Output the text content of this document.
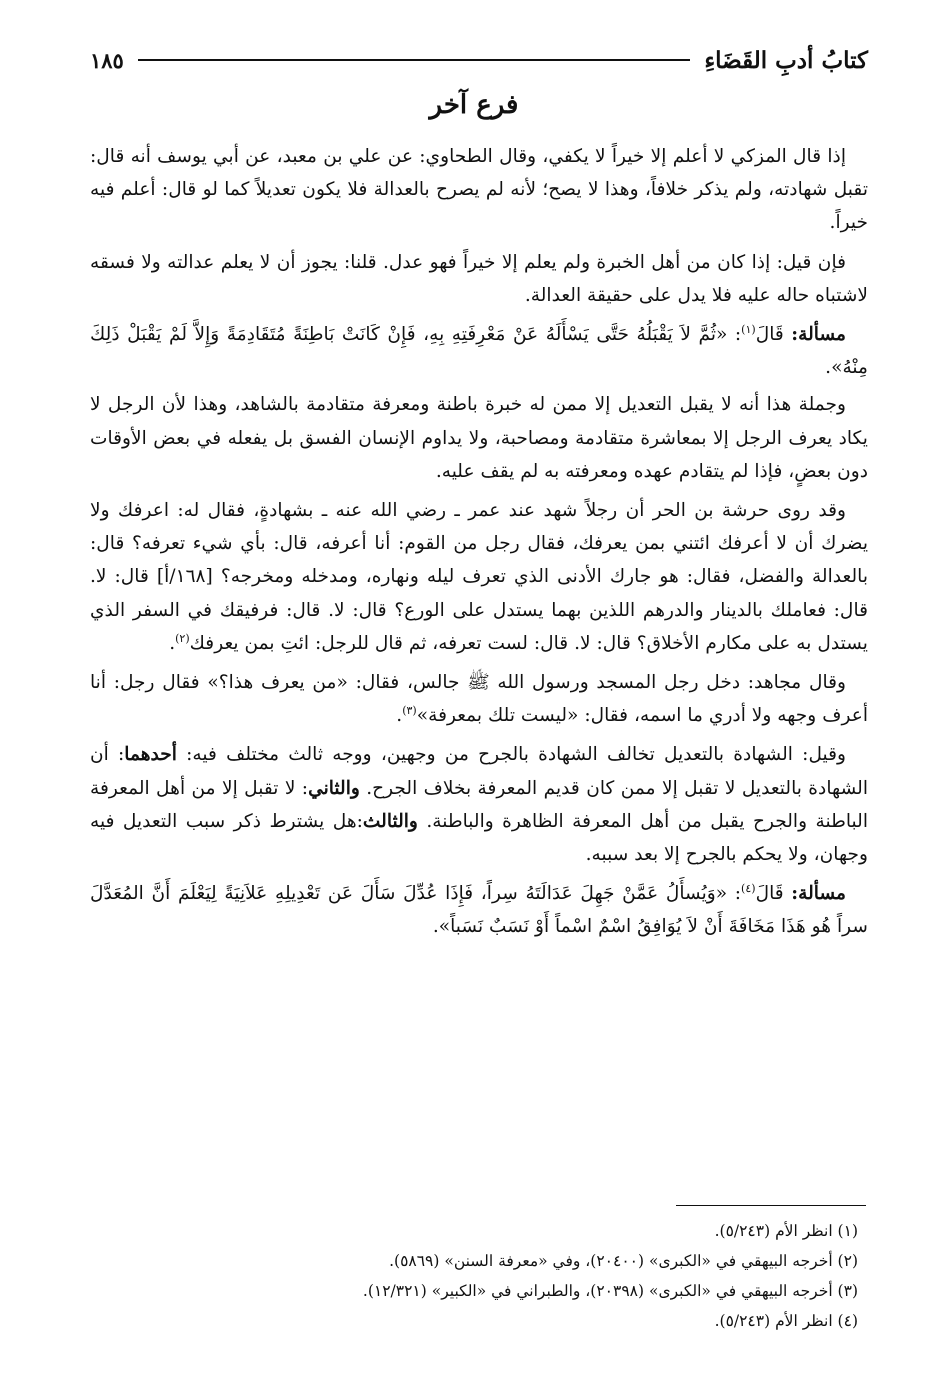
كتابُ أدبِ القَضَاءِ
١٨٥
فرع آخر

إذا قال المزكي لا أعلم إلا خيراً لا يكفي، وقال الطحاوي: عن علي بن معبد، عن أبي يوسف أنه قال: تقبل شهادته، ولم يذكر خلافاً، وهذا لا يصح؛ لأنه لم يصرح بالعدالة فلا يكون تعديلاً كما لو قال: أعلم فيه خيراً.

فإن قيل: إذا كان من أهل الخبرة ولم يعلم إلا خيراً فهو عدل. قلنا: يجوز أن لا يعلم عدالته ولا فسقه لاشتباه حاله عليه فلا يدل على حقيقة العدالة.

مسألة: قَالَ$^{(١)}$: «ثُمَّ لاَ يَقْبَلُهُ حَتَّى يَسْأَلَهُ عَنْ مَعْرِفَتِهِ بِهِ، فَإِنْ كَانَتْ بَاطِنَةً مُتَقَادِمَةً وَإِلاَّ لَمْ يَقْبَلْ ذَلِكَ مِنْهُ».

وجملة هذا أنه لا يقبل التعديل إلا ممن له خبرة باطنة ومعرفة متقادمة بالشاهد، وهذا لأن الرجل لا يكاد يعرف الرجل إلا بمعاشرة متقادمة ومصاحبة، ولا يداوم الإنسان الفسق بل يفعله في بعض الأوقات دون بعضٍ، فإذا لم يتقادم عهده ومعرفته به لم يقف عليه.

وقد روى حرشة بن الحر أن رجلاً شهد عند عمر ـ رضي الله عنه ـ بشهادةٍ، فقال له: اعرفك ولا يضرك أن لا أعرفك ائتني بمن يعرفك، فقال رجل من القوم: أنا أعرفه، قال: بأي شيء تعرفه؟ قال: بالعدالة والفضل، فقال: هو جارك الأدنى الذي تعرف ليله ونهاره، ومدخله ومخرجه؟ [١٦٨/أ] قال: لا. قال: فعاملك بالدينار والدرهم اللذين بهما يستدل على الورع؟ قال: لا. قال: فرفيقك في السفر الذي يستدل به على مكارم الأخلاق؟ قال: لا. قال: لست تعرفه، ثم قال للرجل: ائتِ بمن يعرفك$^{(٢)}$.

وقال مجاهد: دخل رجل المسجد ورسول الله ﷺ جالس، فقال: «من يعرف هذا؟» فقال رجل: أنا أعرف وجهه ولا أدري ما اسمه، فقال: «ليست تلك بمعرفة»$^{(٣)}$.

وقيل: الشهادة بالتعديل تخالف الشهادة بالجرح من وجهين، ووجه ثالث مختلف فيه: أحدهما: أن الشهادة بالتعديل لا تقبل إلا ممن كان قديم المعرفة بخلاف الجرح. والثاني: لا تقبل إلا من أهل المعرفة الباطنة والجرح يقبل من أهل المعرفة الظاهرة والباطنة. والثالث:هل يشترط ذكر سبب التعديل فيه وجهان، ولا يحكم بالجرح إلا بعد سببه.

مسألة: قَالَ$^{(٤)}$: «وَيُسأَلُ عَمَّنْ جَهِلَ عَدَالَتَهُ سِراً، فَإِذَا عُدِّلَ سَأَلَ عَن تَعْدِيلِهِ عَلاَنِيَةً لِيَعْلَمَ أَنَّ المُعَدَّلَ سراً هُو هَذَا مَخَافَةَ أَنْ لاَ يُوَافِقُ اسْمٌ اسْماً أَوْ نَسَبٌ نَسَباً».

(١) انظر الأم (٥/٢٤٣).
(٢) أخرجه البيهقي في «الكبرى» (٢٠٤٠٠)، وفي «معرفة السنن» (٥٨٦٩).
(٣) أخرجه البيهقي في «الكبرى» (٢٠٣٩٨)، والطبراني في «الكبير» (١٢/٣٢١).
(٤) انظر الأم (٥/٢٤٣).
